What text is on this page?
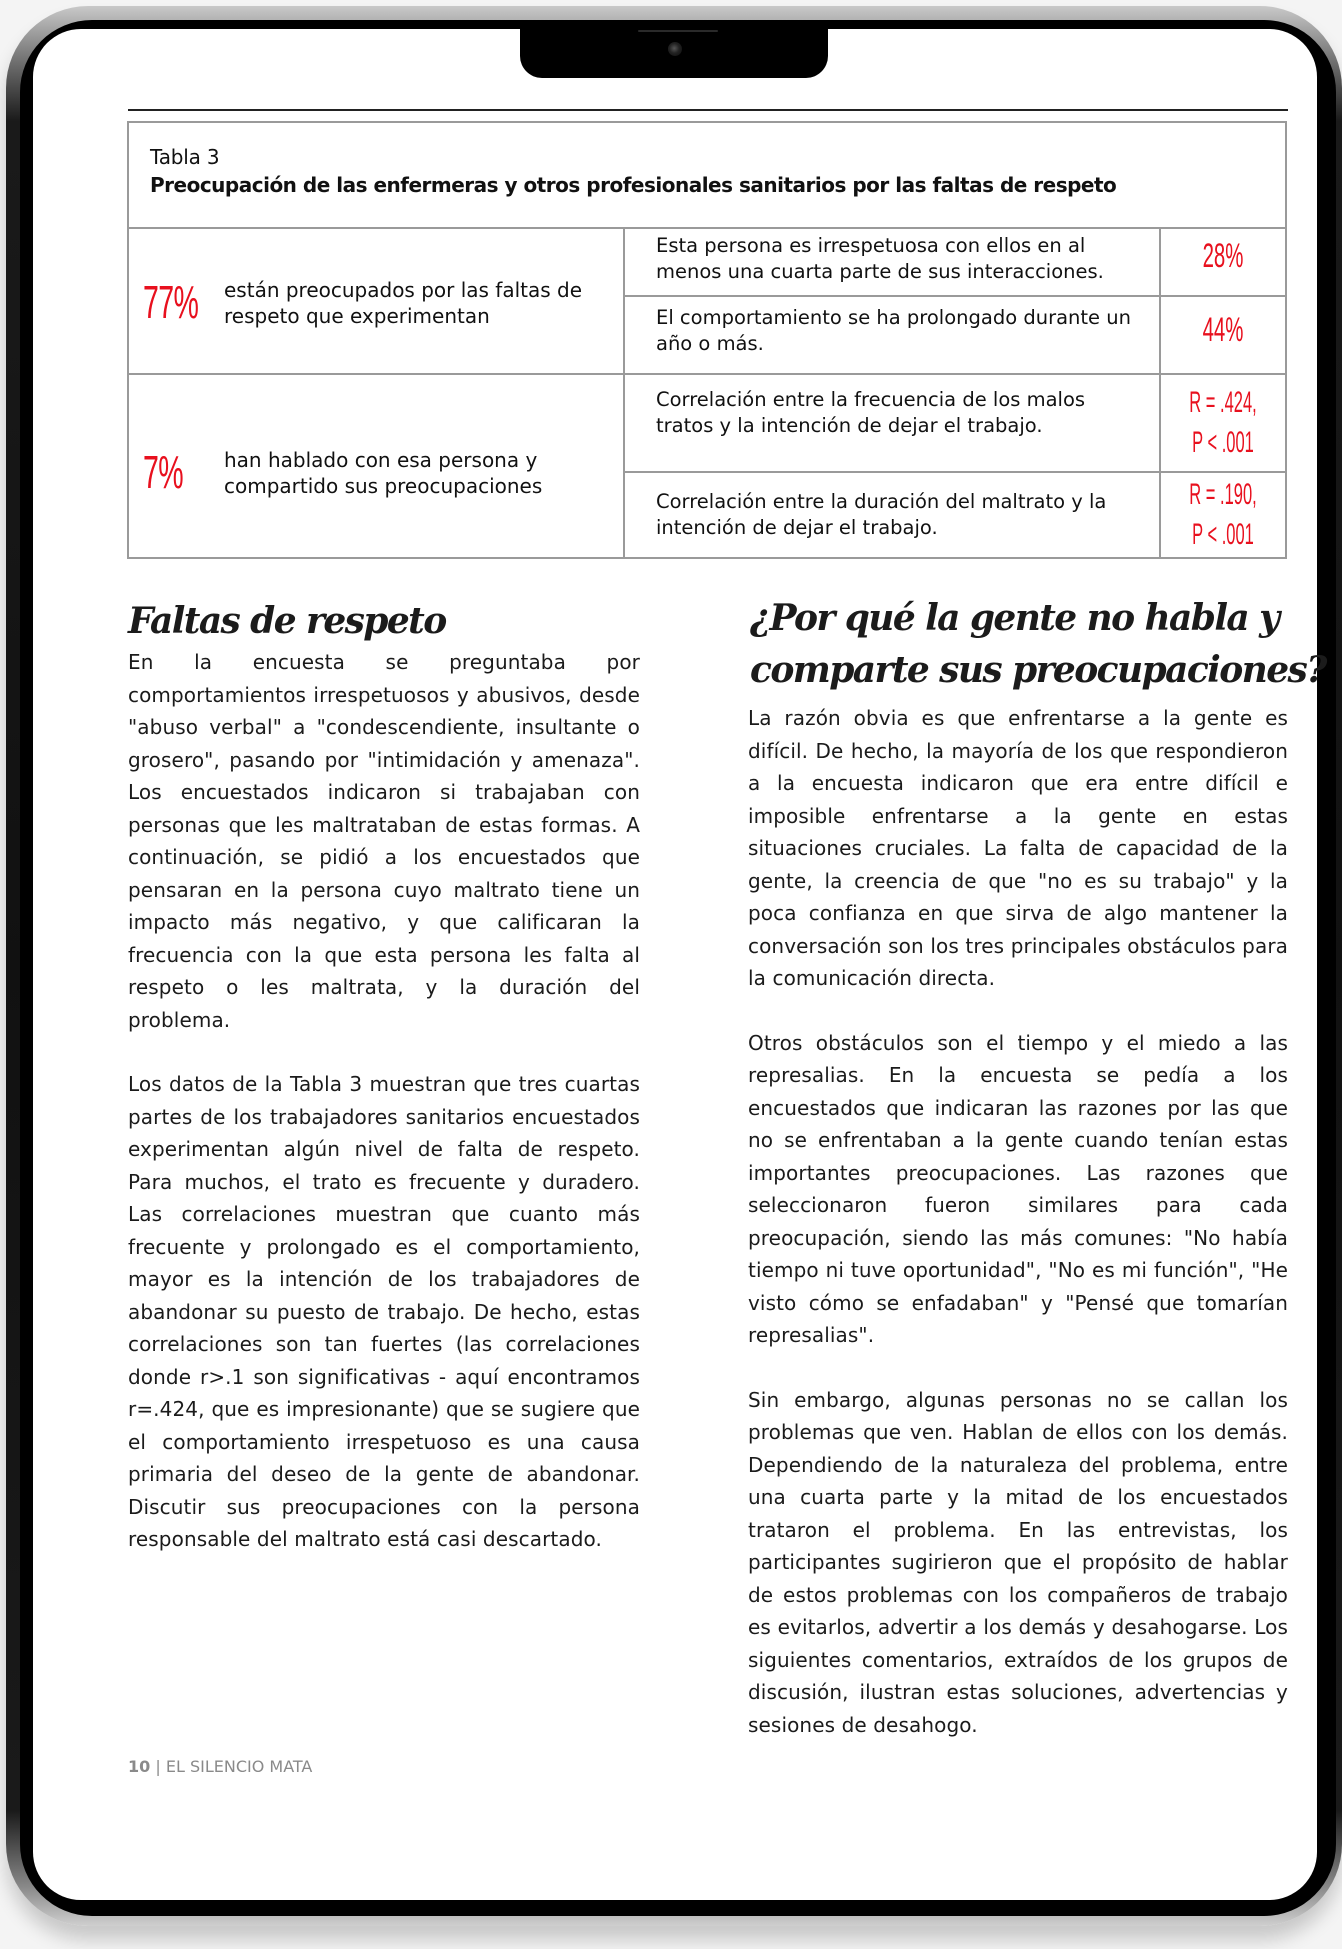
Tabla 3
Preocupación de las enfermeras y otros profesionales sanitarios por las faltas de respeto
77% están preocupados por las faltas de respeto que experimentan
7% han hablado con esa persona y compartido sus preocupaciones
Esta persona es irrespetuosa con ellos en al menos una cuarta parte de sus interacciones.	28%
El comportamiento se ha prolongado durante un año o más.	44%
Correlación entre la frecuencia de los malos tratos y la intención de dejar el trabajo.
R = .424,
P < .001
Correlación entre la duración del maltrato y la intención de dejar el trabajo.
R = .190,
P < .001
Faltas de respeto

En la encuesta se preguntaba por comportamientos irrespetuosos y abusivos, desde "abuso verbal" a "condescendiente, insultante o grosero", pasando por "intimidación y amenaza". Los encuestados indicaron si trabajaban con personas que les maltrataban de estas formas. A continuación, se pidió a los encuestados que pensaran en la persona cuyo maltrato tiene un impacto más negativo, y que calificaran la frecuencia con la que esta persona les falta al respeto o les maltrata, y la duración del problema.

Los datos de la Tabla 3 muestran que tres cuartas partes de los trabajadores sanitarios encuestados experimentan algún nivel de falta de respeto. Para muchos, el trato es frecuente y duradero. Las correlaciones muestran que cuanto más frecuente y prolongado es el comportamiento, mayor es la intención de los trabajadores de abandonar su puesto de trabajo. De hecho, estas correlaciones son tan fuertes (las correlaciones donde r>.1 son significativas - aquí encontramos r=.424, que es impresionante) que se sugiere que el comportamiento irrespetuoso es una causa primaria del deseo de la gente de abandonar. Discutir sus preocupaciones con la persona responsable del maltrato está casi descartado.

¿Por qué la gente no habla y
comparte sus preocupaciones?

La razón obvia es que enfrentarse a la gente es difícil. De hecho, la mayoría de los que respondieron a la encuesta indicaron que era entre difícil e imposible enfrentarse a la gente en estas situaciones cruciales. La falta de capacidad de la gente, la creencia de que "no es su trabajo" y la poca confianza en que sirva de algo mantener la conversación son los tres principales obstáculos para la comunicación directa.

Otros obstáculos son el tiempo y el miedo a las represalias. En la encuesta se pedía a los encuestados que indicaran las razones por las que no se enfrentaban a la gente cuando tenían estas importantes preocupaciones. Las razones que seleccionaron fueron similares para cada preocupación, siendo las más comunes: "No había tiempo ni tuve oportunidad", "No es mi función", "He visto cómo se enfadaban" y "Pensé que tomarían represalias".

Sin embargo, algunas personas no se callan los problemas que ven. Hablan de ellos con los demás. Dependiendo de la naturaleza del problema, entre una cuarta parte y la mitad de los encuestados trataron el problema. En las entrevistas, los participantes sugirieron que el propósito de hablar de estos problemas con los compañeros de trabajo es evitarlos, advertir a los demás y desahogarse. Los siguientes comentarios, extraídos de los grupos de discusión, ilustran estas soluciones, advertencias y sesiones de desahogo.

10 | EL SILENCIO MATA
